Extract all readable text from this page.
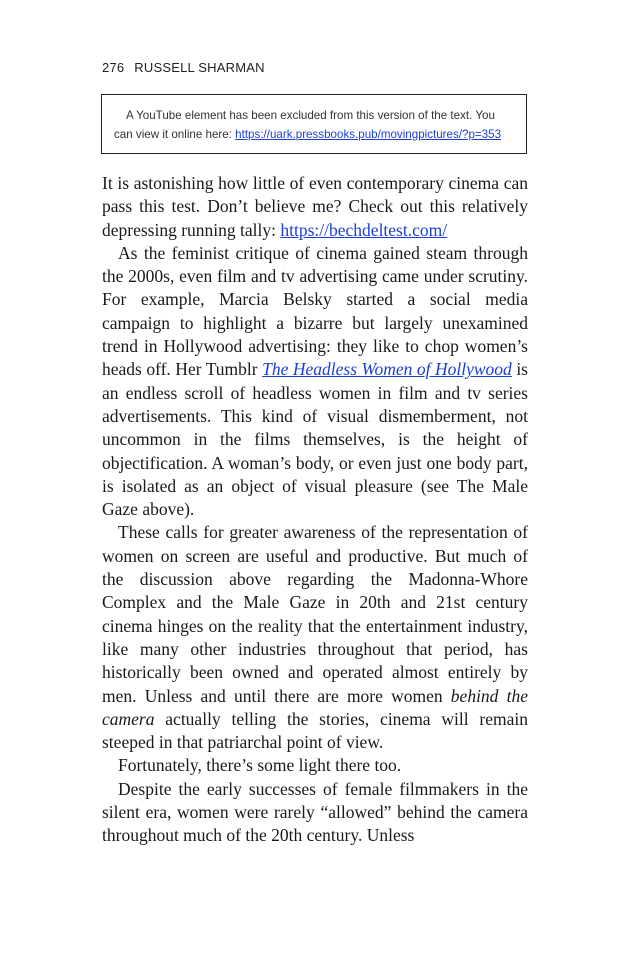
276 RUSSELL SHARMAN

A YouTube element has been excluded from this version of the text. You can view it online here: https://uark.pressbooks.pub/movingpictures/?p=353

It is astonishing how little of even contemporary cinema can pass this test. Don’t believe me? Check out this relatively depressing running tally: https://bechdeltest.com/

As the feminist critique of cinema gained steam through the 2000s, even film and tv advertising came under scrutiny. For example, Marcia Belsky started a social media campaign to highlight a bizarre but largely unexamined trend in Hollywood advertising: they like to chop women’s heads off. Her Tumblr The Headless Women of Hollywood is an endless scroll of headless women in film and tv series advertisements. This kind of visual dismemberment, not uncommon in the films themselves, is the height of objectification. A woman’s body, or even just one body part, is isolated as an object of visual pleasure (see The Male Gaze above).

These calls for greater awareness of the representation of women on screen are useful and productive. But much of the discussion above regarding the Madonna-Whore Complex and the Male Gaze in 20th and 21st century cinema hinges on the reality that the entertainment industry, like many other industries throughout that period, has historically been owned and operated almost entirely by men. Unless and until there are more women behind the camera actually telling the stories, cinema will remain steeped in that patriarchal point of view.

Fortunately, there’s some light there too.

Despite the early successes of female filmmakers in the silent era, women were rarely “allowed” behind the camera throughout much of the 20th century. Unless
